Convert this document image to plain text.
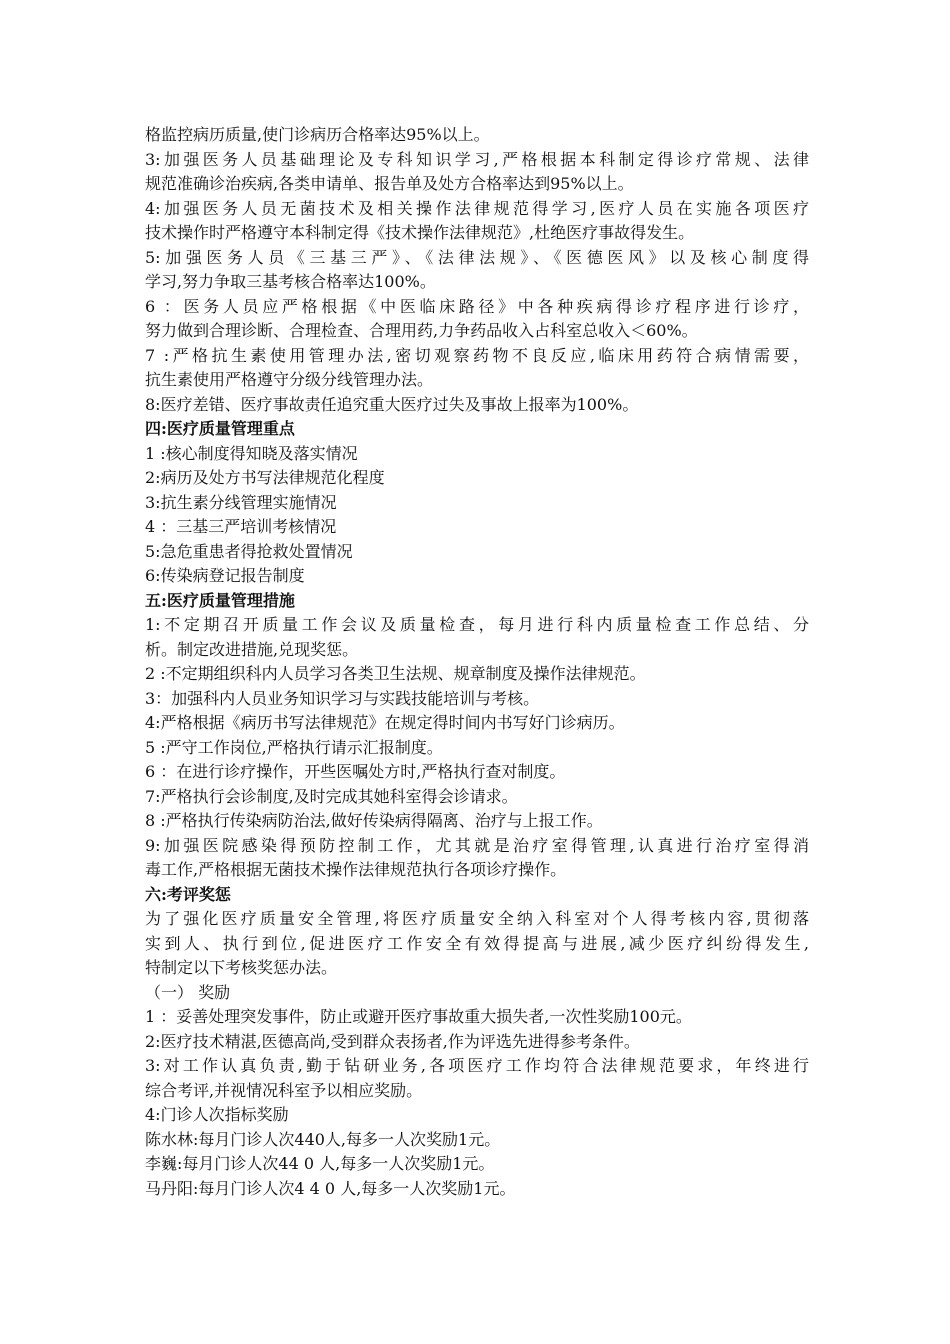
格监控病历质量,使门诊病历合格率达95%以上。
3:加强医务人员基础理论及专科知识学习,严格根据本科制定得诊疗常规、法律
规范准确诊治疾病,各类申请单、报告单及处方合格率达到95%以上。
4:加强医务人员无菌技术及相关操作法律规范得学习,医疗人员在实施各项医疗
技术操作时严格遵守本科制定得《技术操作法律规范》,杜绝医疗事故得发生。
5:加强医务人员《三基三严》、《法律法规》、《医德医风》以及核心制度得
学习,努力争取三基考核合格率达100%。
6 ：医务人员应严格根据《中医临床路径》中各种疾病得诊疗程序进行诊疗，
努力做到合理诊断、合理检查、合理用药,力争药品收入占科室总收入＜60%。
7 :严格抗生素使用管理办法,密切观察药物不良反应,临床用药符合病情需要，
抗生素使用严格遵守分级分线管理办法。
8:医疗差错、医疗事故责任追究重大医疗过失及事故上报率为100%。
四:医疗质量管理重点
1 :核心制度得知晓及落实情况
2:病历及处方书写法律规范化程度
3:抗生素分线管理实施情况
4 ：三基三严培训考核情况
5:急危重患者得抢救处置情况
6:传染病登记报告制度
五:医疗质量管理措施
1:不定期召开质量工作会议及质量检查，每月进行科内质量检查工作总结、分
析。制定改进措施,兑现奖惩。
2 :不定期组织科内人员学习各类卫生法规、规章制度及操作法律规范。
3：加强科内人员业务知识学习与实践技能培训与考核。
4:严格根据《病历书写法律规范》在规定得时间内书写好门诊病历。
5 :严守工作岗位,严格执行请示汇报制度。
6 ：在进行诊疗操作，开些医嘱处方时,严格执行查对制度。
7:严格执行会诊制度,及时完成其她科室得会诊请求。
8 :严格执行传染病防治法,做好传染病得隔离、治疗与上报工作。
9:加强医院感染得预防控制工作，尤其就是治疗室得管理,认真进行治疗室得消
毒工作,严格根据无菌技术操作法律规范执行各项诊疗操作。
六:考评奖惩
为了强化医疗质量安全管理,将医疗质量安全纳入科室对个人得考核内容,贯彻落
实到人、执行到位,促进医疗工作安全有效得提高与进展,减少医疗纠纷得发生,
特制定以下考核奖惩办法。
（一） 奖励
1 ：妥善处理突发事件，防止或避开医疗事故重大损失者,一次性奖励100元。
2:医疗技术精湛,医德高尚,受到群众表扬者,作为评选先进得参考条件。
3:对工作认真负责,勤于钻研业务,各项医疗工作均符合法律规范要求，年终进行
综合考评,并视情况科室予以相应奖励。
4:门诊人次指标奖励
陈水林:每月门诊人次440人,每多一人次奖励1元。
李巍:每月门诊人次44 0 人,每多一人次奖励1元。
马丹阳:每月门诊人次4 4 0 人,每多一人次奖励1元。
